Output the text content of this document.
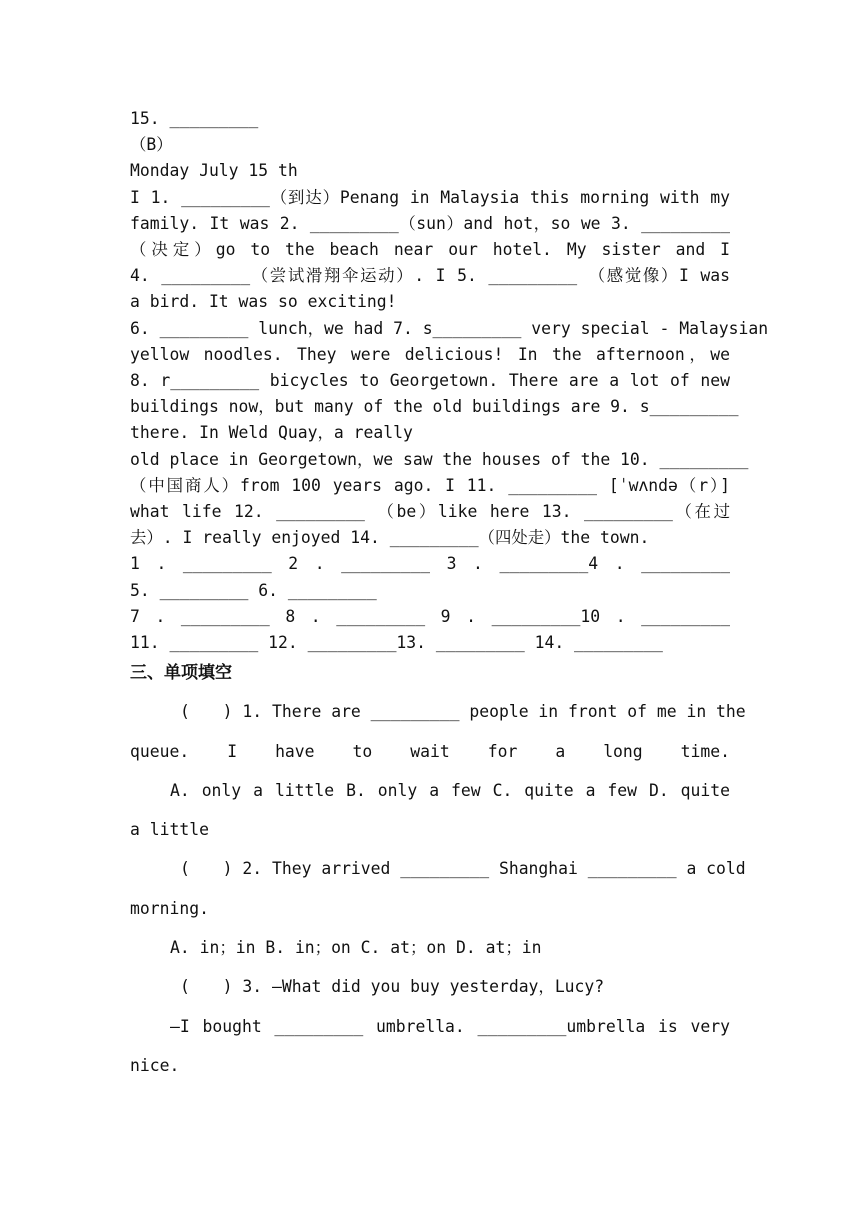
15. _________
（B）
Monday July 15 th
I 1. _________（到达）Penang in Malaysia this morning with my
family. It was 2. _________（sun）and hot，so we 3. _________
（决定）go to the beach near our hotel. My sister and I
4. _________（尝试滑翔伞运动）. I 5. _________ （感觉像）I was
a bird. It was so exciting!
6. _________ lunch，we had 7. s_________ very special - Malaysian
yellow noodles. They were delicious! In the afternoon，we
8. r_________ bicycles to Georgetown. There are a lot of new
buildings now，but many of the old buildings are 9. s_________
there. In Weld Quay，a really
old place in Georgetown，we saw the houses of the 10. _________
（中国商人）from 100 years ago. I 11. _________ [ˈwʌndə（r）]
what life 12. _________ （be）like here 13. _________（在过
去）. I really enjoyed 14. _________（四处走）the town.
1 . _________ 2 . _________ 3 . _________4 . _________
5. _________ 6. _________
7 . _________ 8 . _________ 9 . _________10 . _________
11. _________ 12. _________13. _________ 14. _________
三、单项填空
(　　) 1. There are _________ people in front of me in the
queue. I have to wait for a long time.
A. only a little B. only a few C. quite a few D. quite
a little
(　　) 2. They arrived _________ Shanghai _________ a cold
morning.
A. in；in B. in；on C. at；on D. at；in
(　　) 3. —What did you buy yesterday，Lucy?
—I bought _________ umbrella. _________umbrella is very
nice.
